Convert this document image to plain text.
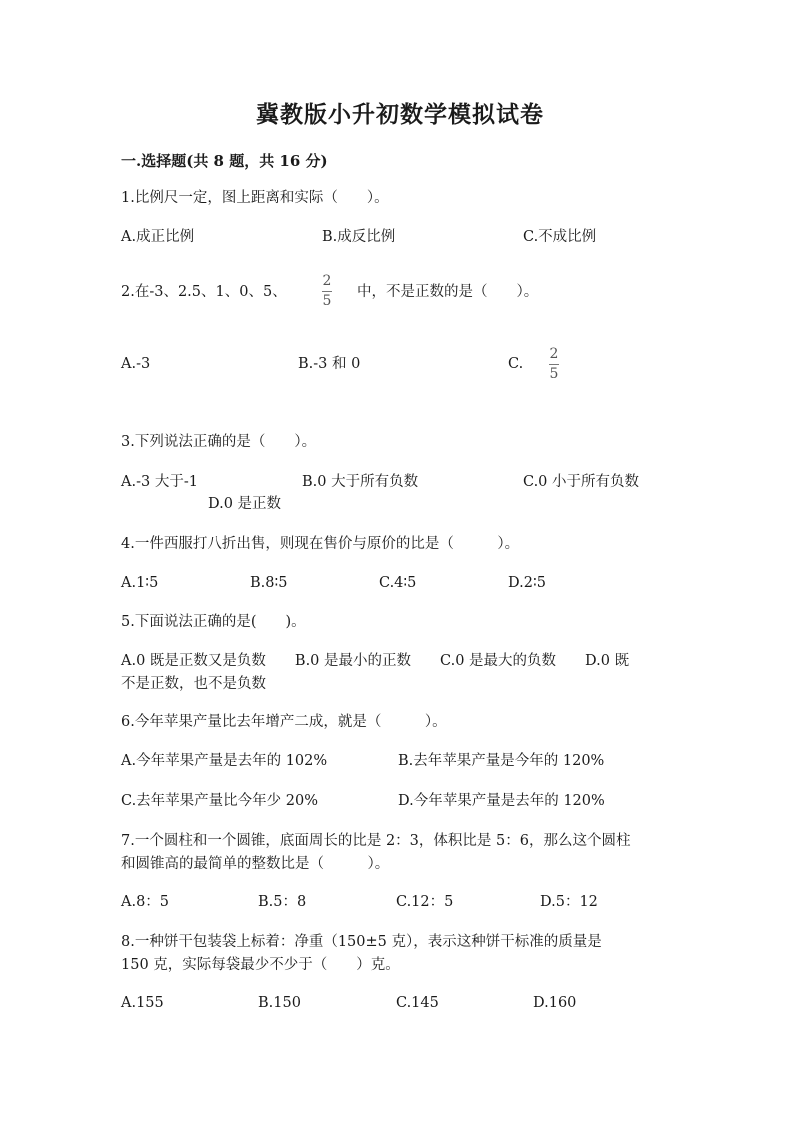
冀教版小升初数学模拟试卷
一.选择题(共 8 题，共 16 分)
1.比例尺一定，图上距离和实际（　　）。
A.成正比例	B.成反比例	C.不成比例
2.在-3、2.5、1、0、5、
2
5
中，不是正数的是（　　）。
A.-3	B.-3 和 0	C.
2
5
3.下列说法正确的是（　　）。
A.-3 大于-1	B.0 大于所有负数	C.0 小于所有负数
D.0 是正数
4.一件西服打八折出售，则现在售价与原价的比是（　　　）。
A.1∶5	B.8∶5	C.4∶5	D.2∶5
5.下面说法正确的是(　　)。
A.0 既是正数又是负数　　B.0 是最小的正数　　C.0 是最大的负数　　D.0 既
不是正数，也不是负数
6.今年苹果产量比去年增产二成，就是（　　　）。
A.今年苹果产量是去年的 102%	B.去年苹果产量是今年的 120%
C.去年苹果产量比今年少 20%	D.今年苹果产量是去年的 120%
7.一个圆柱和一个圆锥，底面周长的比是 2：3，体积比是 5：6，那么这个圆柱
和圆锥高的最简单的整数比是（　　　）。
A.8：5	B.5：8	C.12：5	D.5：12
8.一种饼干包装袋上标着：净重（150±5 克），表示这种饼干标准的质量是
150 克，实际每袋最少不少于（　　）克。
A.155	B.150	C.145	D.160
